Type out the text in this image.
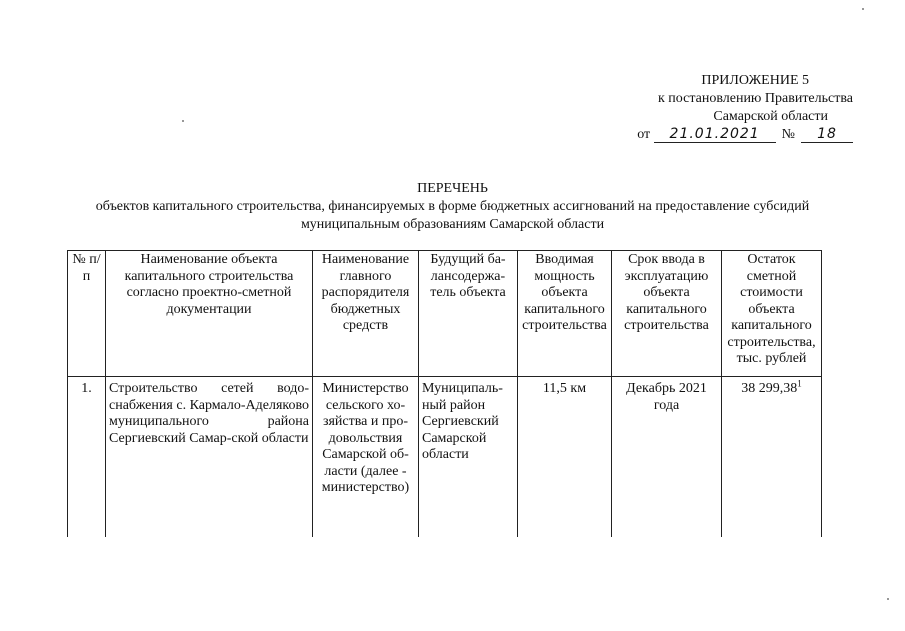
ПРИЛОЖЕНИЕ 5
к постановлению Правительства
Самарской области
от 21.01.2021 № 18
ПЕРЕЧЕНЬ
объектов капитального строительства, финансируемых в форме бюджетных ассигнований на предоставление субсидий
муниципальным образованиям Самарской области
№ п/п	Наименование объекта капитального строительства согласно проектно-сметной документации	Наименование главного распорядителя бюджетных средств	Будущий ба-лансодержа-тель объекта	Вводимая мощность объекта капитального строительства	Срок ввода в эксплуатацию объекта капитального строительства	Остаток сметной стоимости объекта капитального строительства, тыс. рублей
1.	Строительство сетей водо-снабжения с. Кармало-Аделяково муниципального района Сергиевский Самар-ской области	Министерство сельского хо-зяйства и про-довольствия Самарской об-ласти (далее - министерство)	Муниципаль-ный район Сергиевский Самарской области	11,5 км	Декабрь 2021 года	38 299,38$^1$
